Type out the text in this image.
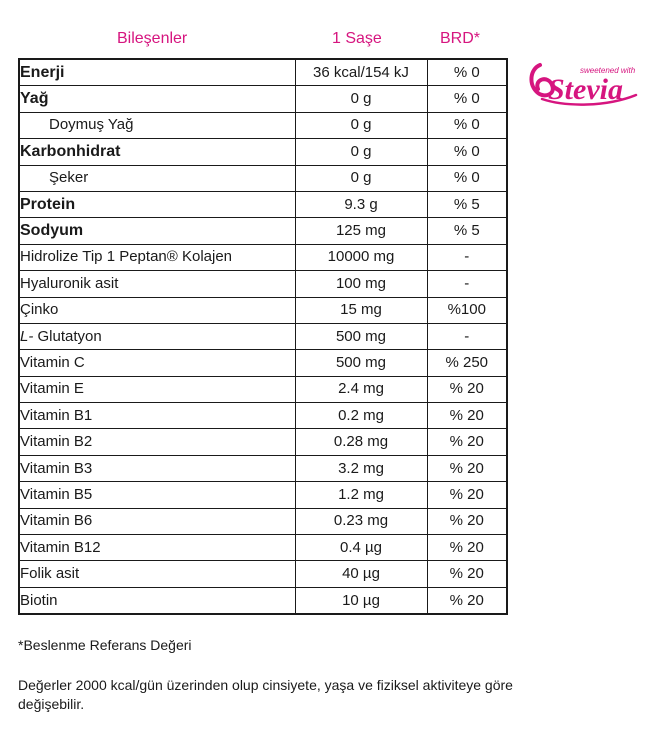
Bileşenler	1 Saşe	BRD*
Enerji	36 kcal/154 kJ	% 0
Yağ	0 g	% 0
Doymuş Yağ	0 g	% 0
Karbonhidrat	0 g	% 0
Şeker	0 g	% 0
Protein	9.3 g	% 5
Sodyum	125 mg	% 5
Hidrolize Tip 1 Peptan® Kolajen	10000 mg	-
Hyaluronik asit	100 mg	-
Çinko	15 mg	%100
L- Glutatyon	500 mg	-
Vitamin C	500 mg	% 250
Vitamin E	2.4 mg	% 20
Vitamin B1	0.2 mg	% 20
Vitamin B2	0.28 mg	% 20
Vitamin B3	3.2 mg	% 20
Vitamin B5	1.2 mg	% 20
Vitamin B6	0.23 mg	% 20
Vitamin B12	0.4 µg	% 20
Folik asit	40 µg	% 20
Biotin	10 µg	% 20
sweetened with
Stevia
*Beslenme Referans Değeri
Değerler 2000 kcal/gün üzerinden olup cinsiyete, yaşa ve fiziksel aktiviteye göre değişebilir.
